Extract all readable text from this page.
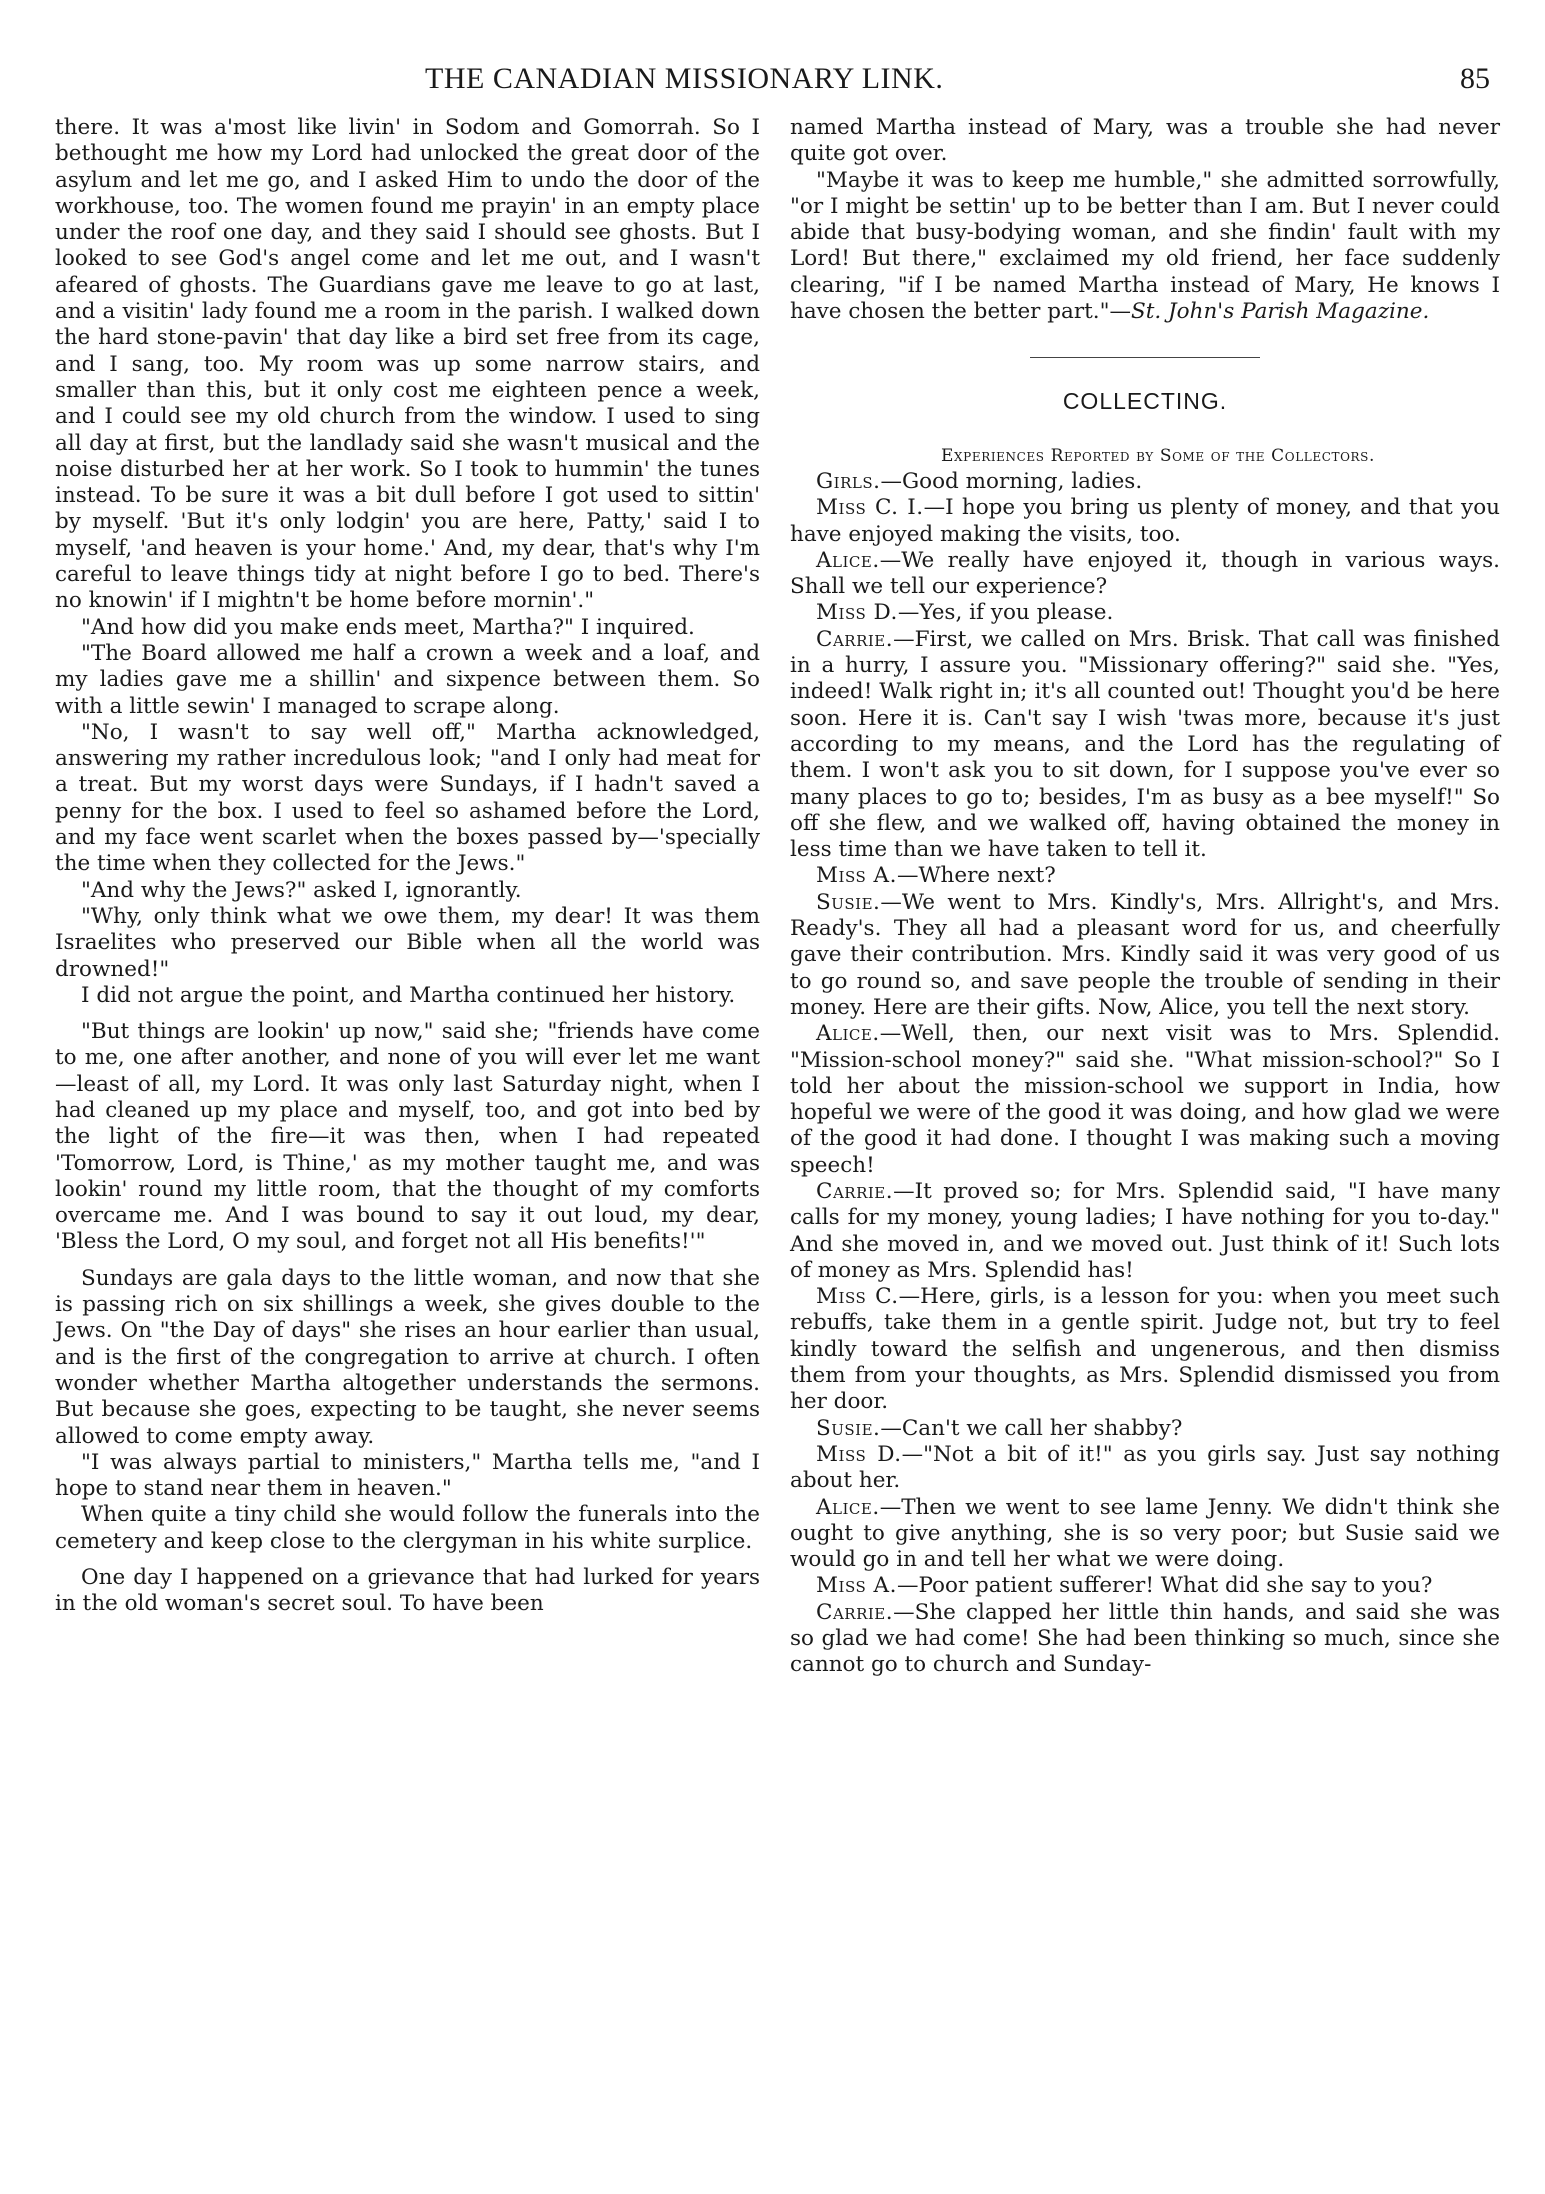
THE CANADIAN MISSIONARY LINK.	85

there. It was a'most like livin' in Sodom and Gomorrah. So I bethought me how my Lord had unlocked the great door of the asylum and let me go, and I asked Him to undo the door of the workhouse, too. The women found me prayin' in an empty place under the roof one day, and they said I should see ghosts. But I looked to see God's angel come and let me out, and I wasn't afeared of ghosts. The Guardians gave me leave to go at last, and a visitin' lady found me a room in the parish. I walked down the hard stone-pavin' that day like a bird set free from its cage, and I sang, too. My room was up some narrow stairs, and smaller than this, but it only cost me eighteen pence a week, and I could see my old church from the window. I used to sing all day at first, but the landlady said she wasn't musical and the noise disturbed her at her work. So I took to hummin' the tunes instead. To be sure it was a bit dull before I got used to sittin' by myself. 'But it's only lodgin' you are here, Patty,' said I to myself, 'and heaven is your home.' And, my dear, that's why I'm careful to leave things tidy at night before I go to bed. There's no knowin' if I mightn't be home before mornin'."

"And how did you make ends meet, Martha?" I inquired.

"The Board allowed me half a crown a week and a loaf, and my ladies gave me a shillin' and sixpence between them. So with a little sewin' I managed to scrape along.

"No, I wasn't to say well off," Martha acknowledged, answering my rather incredulous look; "and I only had meat for a treat. But my worst days were Sundays, if I hadn't saved a penny for the box. I used to feel so ashamed before the Lord, and my face went scarlet when the boxes passed by—'specially the time when they collected for the Jews."

"And why the Jews?" asked I, ignorantly.

"Why, only think what we owe them, my dear! It was them Israelites who preserved our Bible when all the world was drowned!"

I did not argue the point, and Martha continued her history.

"But things are lookin' up now," said she; "friends have come to me, one after another, and none of you will ever let me want—least of all, my Lord. It was only last Saturday night, when I had cleaned up my place and myself, too, and got into bed by the light of the fire—it was then, when I had repeated 'Tomorrow, Lord, is Thine,' as my mother taught me, and was lookin' round my little room, that the thought of my comforts overcame me. And I was bound to say it out loud, my dear, 'Bless the Lord, O my soul, and forget not all His benefits!'"

Sundays are gala days to the little woman, and now that she is passing rich on six shillings a week, she gives double to the Jews. On "the Day of days" she rises an hour earlier than usual, and is the first of the congregation to arrive at church. I often wonder whether Martha altogether understands the sermons. But because she goes, expecting to be taught, she never seems allowed to come empty away.

"I was always partial to ministers," Martha tells me, "and I hope to stand near them in heaven."

When quite a tiny child she would follow the funerals into the cemetery and keep close to the clergyman in his white surplice.

One day I happened on a grievance that had lurked for years in the old woman's secret soul. To have been

named Martha instead of Mary, was a trouble she had never quite got over.

"Maybe it was to keep me humble," she admitted sorrowfully, "or I might be settin' up to be better than I am. But I never could abide that busy-bodying woman, and she findin' fault with my Lord! But there," exclaimed my old friend, her face suddenly clearing, "if I be named Martha instead of Mary, He knows I have chosen the better part."—St. John's Parish Magazine.

COLLECTING.

Experiences Reported by Some of the Collectors.

Girls.—Good morning, ladies.

Miss C. I.—I hope you bring us plenty of money, and that you have enjoyed making the visits, too.

Alice.—We really have enjoyed it, though in various ways. Shall we tell our experience?

Miss D.—Yes, if you please.

Carrie.—First, we called on Mrs. Brisk. That call was finished in a hurry, I assure you. "Missionary offering?" said she. "Yes, indeed! Walk right in; it's all counted out! Thought you'd be here soon. Here it is. Can't say I wish 'twas more, because it's just according to my means, and the Lord has the regulating of them. I won't ask you to sit down, for I suppose you've ever so many places to go to; besides, I'm as busy as a bee myself!" So off she flew, and we walked off, having obtained the money in less time than we have taken to tell it.

Miss A.—Where next?

Susie.—We went to Mrs. Kindly's, Mrs. Allright's, and Mrs. Ready's. They all had a pleasant word for us, and cheerfully gave their contribution. Mrs. Kindly said it was very good of us to go round so, and save people the trouble of sending in their money. Here are their gifts. Now, Alice, you tell the next story.

Alice.—Well, then, our next visit was to Mrs. Splendid. "Mission-school money?" said she. "What mission-school?" So I told her about the mission-school we support in India, how hopeful we were of the good it was doing, and how glad we were of the good it had done. I thought I was making such a moving speech!

Carrie.—It proved so; for Mrs. Splendid said, "I have many calls for my money, young ladies; I have nothing for you to-day." And she moved in, and we moved out. Just think of it! Such lots of money as Mrs. Splendid has!

Miss C.—Here, girls, is a lesson for you: when you meet such rebuffs, take them in a gentle spirit. Judge not, but try to feel kindly toward the selfish and ungenerous, and then dismiss them from your thoughts, as Mrs. Splendid dismissed you from her door.

Susie.—Can't we call her shabby?

Miss D.—"Not a bit of it!" as you girls say. Just say nothing about her.

Alice.—Then we went to see lame Jenny. We didn't think she ought to give anything, she is so very poor; but Susie said we would go in and tell her what we were doing.

Miss A.—Poor patient sufferer! What did she say to you?

Carrie.—She clapped her little thin hands, and said she was so glad we had come! She had been thinking so much, since she cannot go to church and Sunday-
